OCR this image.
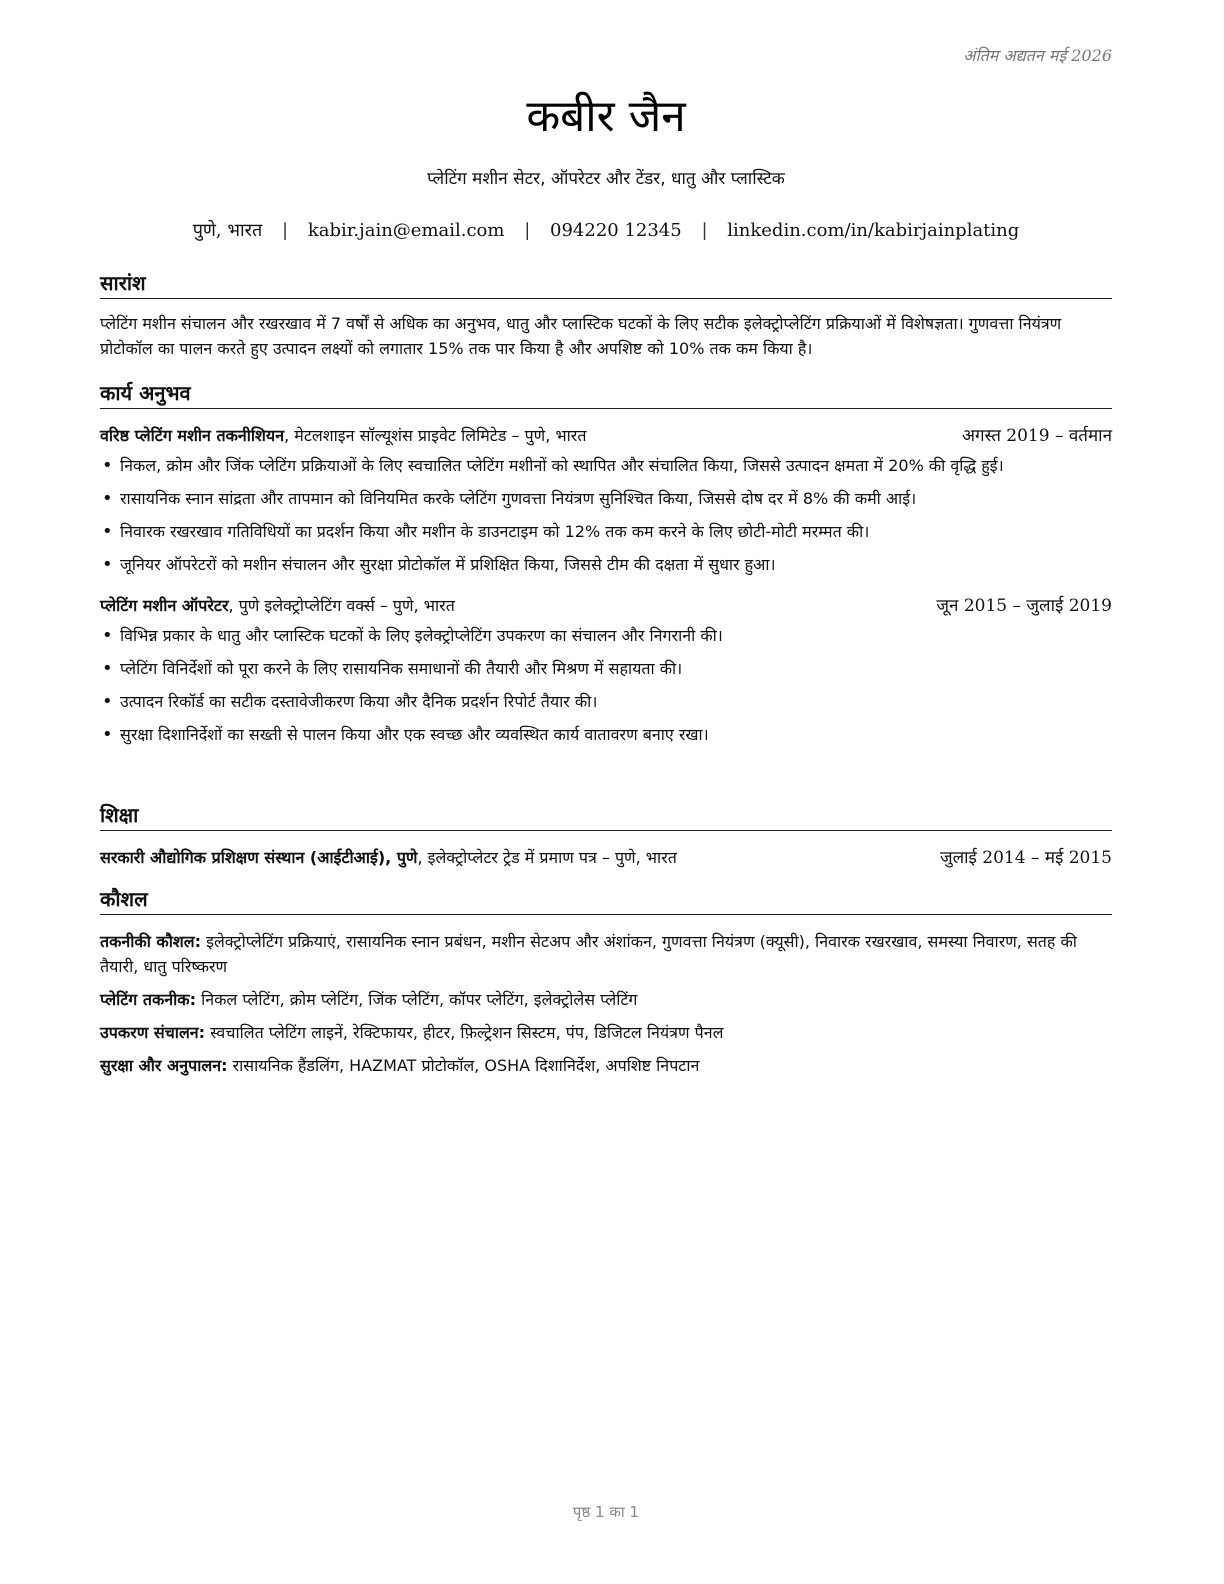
अंतिम अद्यतन मई 2026
कबीर जैन
प्लेटिंग मशीन सेटर, ऑपरेटर और टेंडर, धातु और प्लास्टिक
पुणे, भारत | kabir.jain@email.com | 094220 12345 | linkedin.com/in/kabirjainplating
सारांश
प्लेटिंग मशीन संचालन और रखरखाव में 7 वर्षों से अधिक का अनुभव, धातु और प्लास्टिक घटकों के लिए सटीक इलेक्ट्रोप्लेटिंग प्रक्रियाओं में विशेषज्ञता। गुणवत्ता नियंत्रण प्रोटोकॉल का पालन करते हुए उत्पादन लक्ष्यों को लगातार 15% तक पार किया है और अपशिष्ट को 10% तक कम किया है।
कार्य अनुभव
वरिष्ठ प्लेटिंग मशीन तकनीशियन, मेटलशाइन सॉल्यूशंस प्राइवेट लिमिटेड – पुणे, भारत	अगस्त 2019 – वर्तमान
• निकल, क्रोम और जिंक प्लेटिंग प्रक्रियाओं के लिए स्वचालित प्लेटिंग मशीनों को स्थापित और संचालित किया, जिससे उत्पादन क्षमता में 20% की वृद्धि हुई।
• रासायनिक स्नान सांद्रता और तापमान को विनियमित करके प्लेटिंग गुणवत्ता नियंत्रण सुनिश्चित किया, जिससे दोष दर में 8% की कमी आई।
• निवारक रखरखाव गतिविधियों का प्रदर्शन किया और मशीन के डाउनटाइम को 12% तक कम करने के लिए छोटी-मोटी मरम्मत की।
• जूनियर ऑपरेटरों को मशीन संचालन और सुरक्षा प्रोटोकॉल में प्रशिक्षित किया, जिससे टीम की दक्षता में सुधार हुआ।
प्लेटिंग मशीन ऑपरेटर, पुणे इलेक्ट्रोप्लेटिंग वर्क्स – पुणे, भारत	जून 2015 – जुलाई 2019
• विभिन्न प्रकार के धातु और प्लास्टिक घटकों के लिए इलेक्ट्रोप्लेटिंग उपकरण का संचालन और निगरानी की।
• प्लेटिंग विनिर्देशों को पूरा करने के लिए रासायनिक समाधानों की तैयारी और मिश्रण में सहायता की।
• उत्पादन रिकॉर्ड का सटीक दस्तावेजीकरण किया और दैनिक प्रदर्शन रिपोर्ट तैयार की।
• सुरक्षा दिशानिर्देशों का सख्ती से पालन किया और एक स्वच्छ और व्यवस्थित कार्य वातावरण बनाए रखा।
शिक्षा
सरकारी औद्योगिक प्रशिक्षण संस्थान (आईटीआई), पुणे, इलेक्ट्रोप्लेटर ट्रेड में प्रमाण पत्र – पुणे, भारत	जुलाई 2014 – मई 2015
कौशल
तकनीकी कौशल: इलेक्ट्रोप्लेटिंग प्रक्रियाएं, रासायनिक स्नान प्रबंधन, मशीन सेटअप और अंशांकन, गुणवत्ता नियंत्रण (क्यूसी), निवारक रखरखाव, समस्या निवारण, सतह की तैयारी, धातु परिष्करण
प्लेटिंग तकनीक: निकल प्लेटिंग, क्रोम प्लेटिंग, जिंक प्लेटिंग, कॉपर प्लेटिंग, इलेक्ट्रोलेस प्लेटिंग
उपकरण संचालन: स्वचालित प्लेटिंग लाइनें, रेक्टिफायर, हीटर, फ़िल्ट्रेशन सिस्टम, पंप, डिजिटल नियंत्रण पैनल
सुरक्षा और अनुपालन: रासायनिक हैंडलिंग, HAZMAT प्रोटोकॉल, OSHA दिशानिर्देश, अपशिष्ट निपटान
पृष्ठ 1 का 1
